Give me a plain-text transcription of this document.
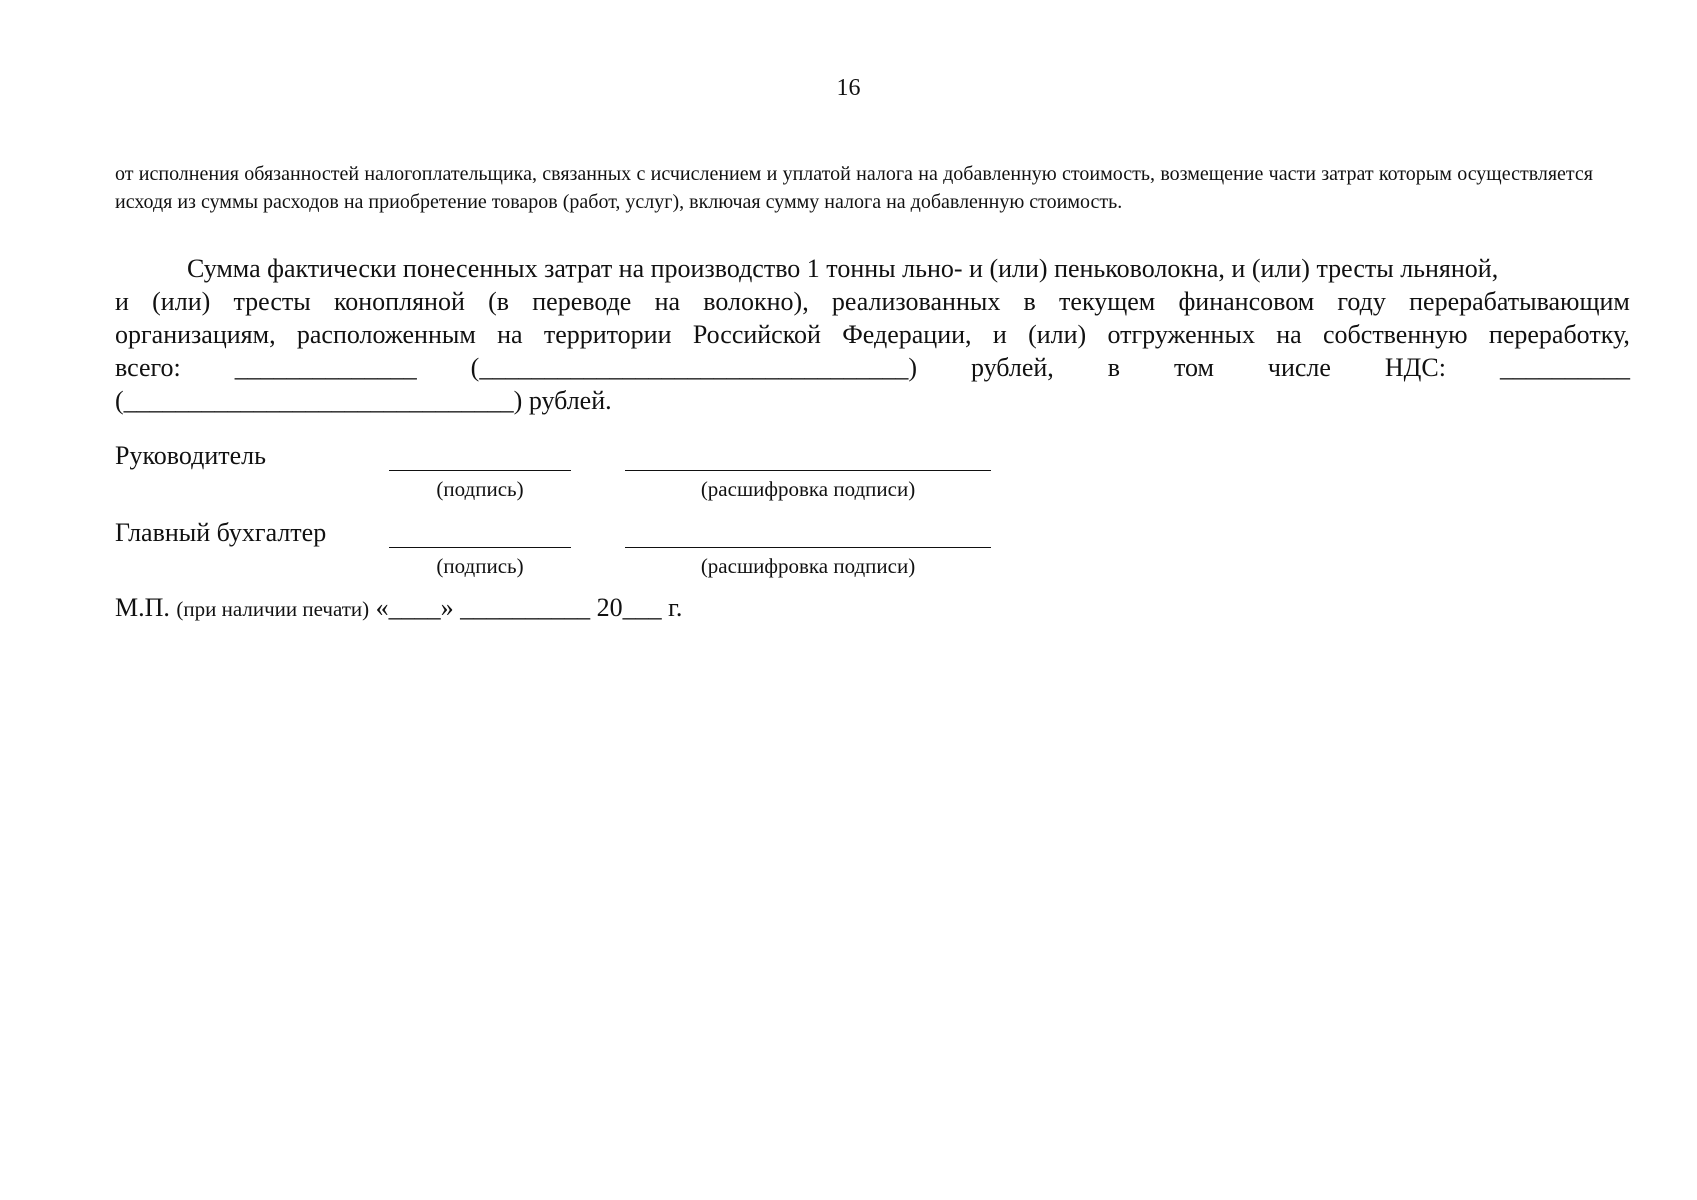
16
от исполнения обязанностей налогоплательщика, связанных с исчислением и уплатой налога на добавленную стоимость, возмещение части затрат которым осуществляется исходя из суммы расходов на приобретение товаров (работ, услуг), включая сумму налога на добавленную стоимость.
Сумма фактически понесенных затрат на производство 1 тонны льно- и (или) пеньковолокна, и (или) тресты льняной,
и (или) тресты конопляной (в переводе на волокно), реализованных в текущем финансовом году перерабатывающим
организациям, расположенным на территории Российской Федерации, и (или) отгруженных на собственную переработку,
всего: ______________ (_________________________________) рублей, в том числе НДС: __________
(______________________________) рублей.
Руководитель
(подпись)	(расшифровка подписи)
Главный бухгалтер
(подпись)	(расшифровка подписи)
М.П. (при наличии печати) «____» __________ 20___ г.
